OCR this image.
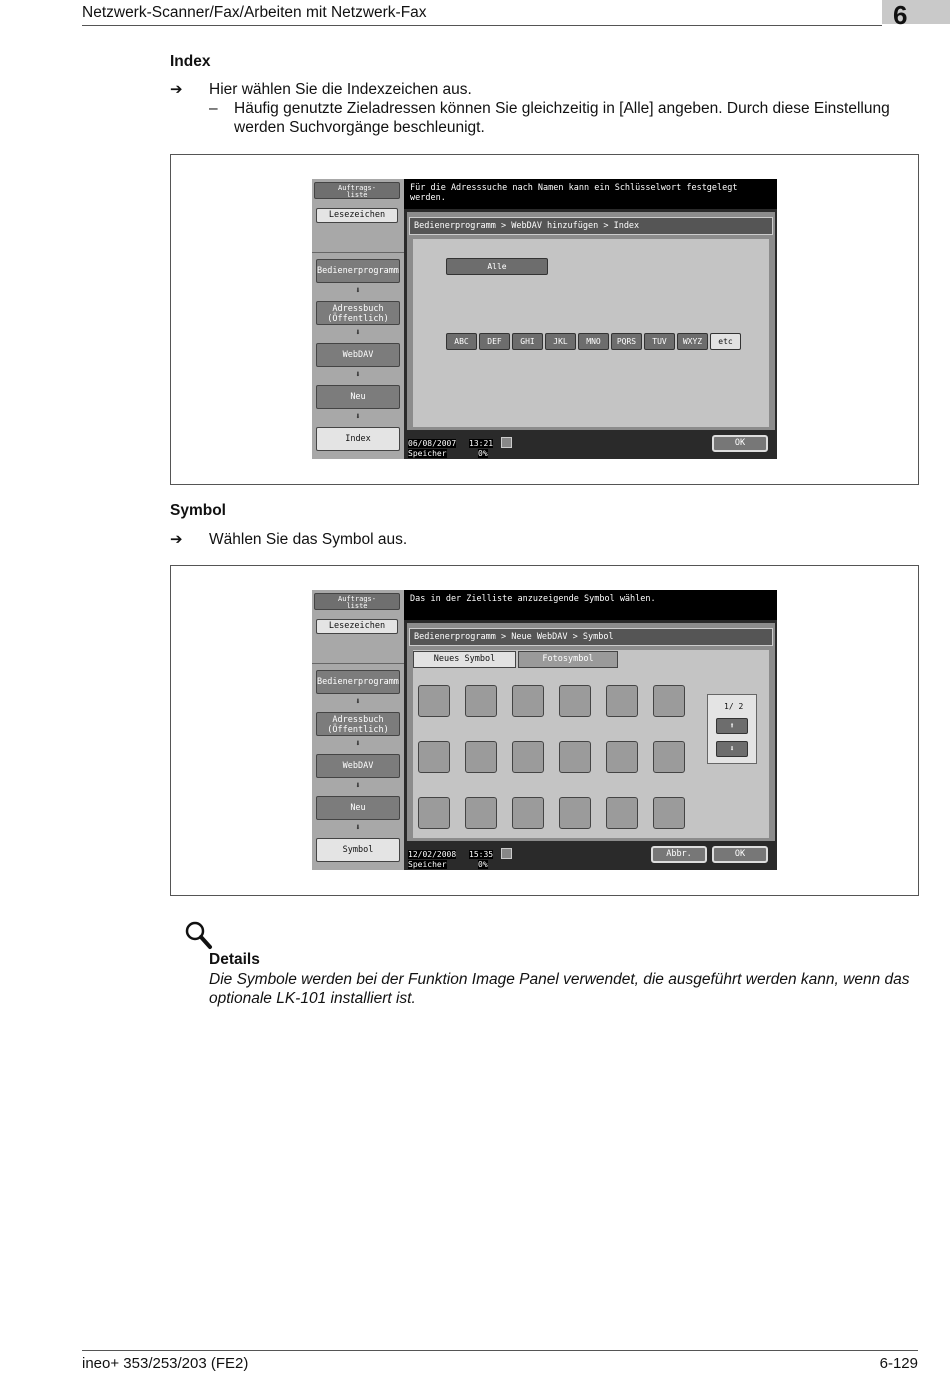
Netzwerk-Scanner/Fax/Arbeiten mit Netzwerk-Fax	6
Index
➔ Hier wählen Sie die Indexzeichen aus.
– Häufig genutzte Zieladressen können Sie gleichzeitig in [Alle] angeben. Durch diese Einstellung
werden Suchvorgänge beschleunigt.
Auftrags-
liste
Lesezeichen
Bedienerprogramm
⬇
Adressbuch
(Öffentlich)
⬇
WebDAV
⬇
Neu
⬇
Index
Für die Adresssuche nach Namen kann ein Schlüsselwort festgelegt werden.
Bedienerprogramm > WebDAV hinzufügen > Index
Alle
ABC	DEF	GHI	JKL	MNO	PQRS	TUV	WXYZ	etc
06/08/2007 13:21
Speicher	0%
OK
Symbol
➔ Wählen Sie das Symbol aus.
Auftrags-
liste
Lesezeichen
Bedienerprogramm
⬇
Adressbuch
(Öffentlich)
⬇
WebDAV
⬇
Neu
⬇
Symbol
Das in der Zielliste anzuzeigende Symbol wählen.
Bedienerprogramm > Neue WebDAV > Symbol
Neues Symbol	Fotosymbol
1/ 2
⬆
⬇
12/02/2008 15:35
Speicher	0%
Abbr.	OK
Details
Die Symbole werden bei der Funktion Image Panel verwendet, die ausgeführt werden kann, wenn das
optionale LK-101 installiert ist.
ineo+ 353/253/203 (FE2)	6-129
